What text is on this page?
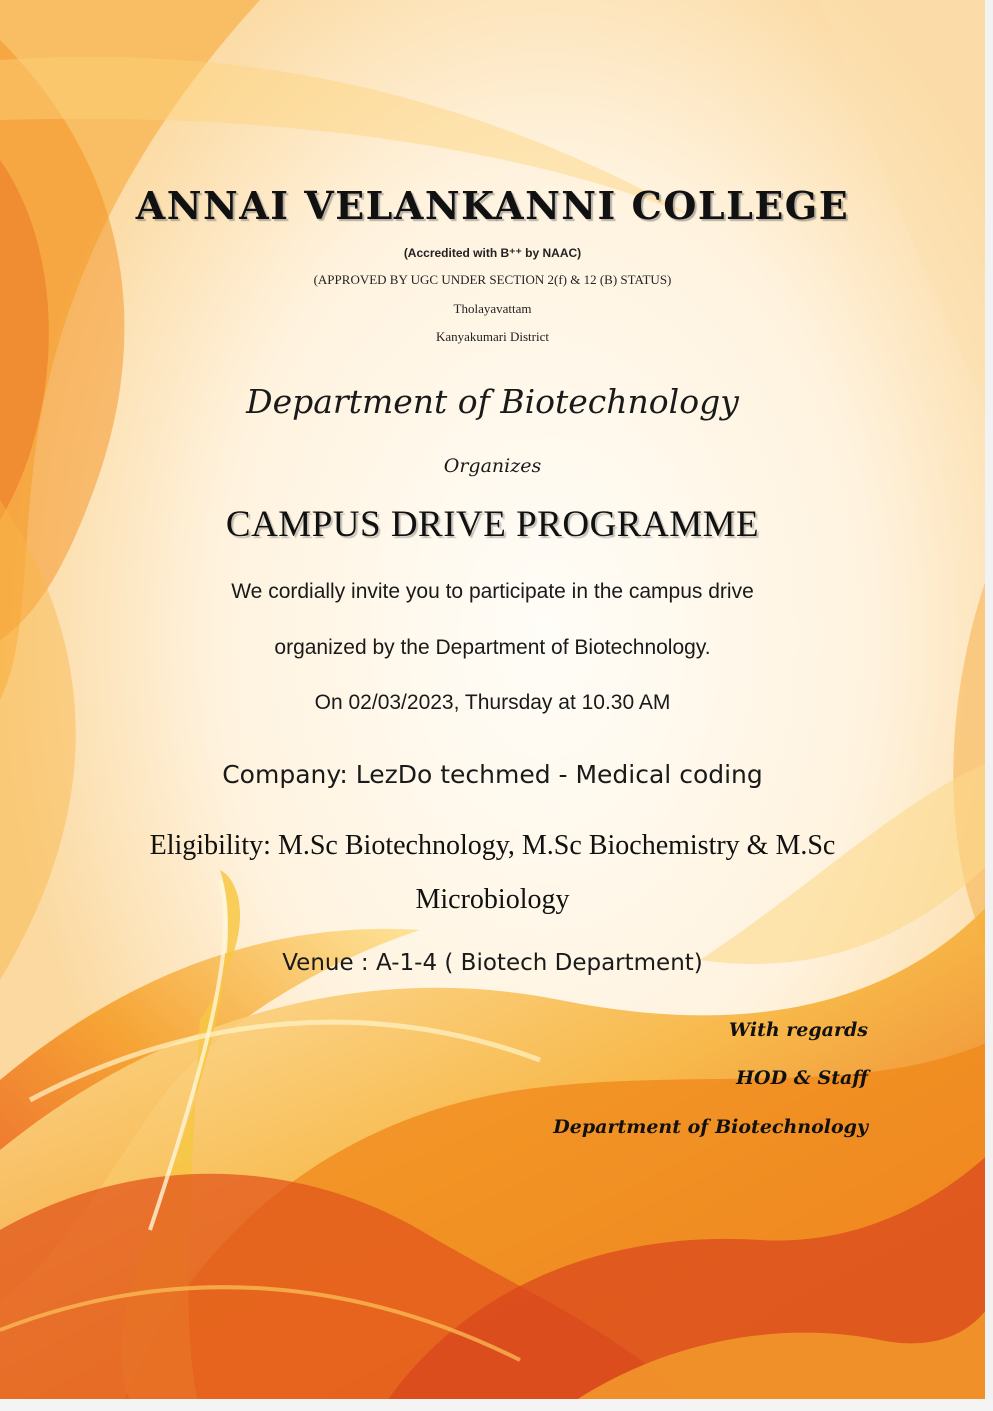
ANNAI VELANKANNI COLLEGE
(Accredited with B⁺⁺ by NAAC)
(APPROVED BY UGC UNDER SECTION 2(f) & 12 (B) STATUS)
Tholayavattam
Kanyakumari District
Department of Biotechnology
Organizes
CAMPUS DRIVE PROGRAMME
We cordially invite you to participate in the campus drive
organized by the Department of Biotechnology.
On 02/03/2023, Thursday at 10.30 AM
Company: LezDo techmed - Medical coding
Eligibility: M.Sc Biotechnology, M.Sc Biochemistry & M.Sc
Microbiology
Venue : A-1-4 ( Biotech Department)
With regards
HOD & Staff
Department of Biotechnology
